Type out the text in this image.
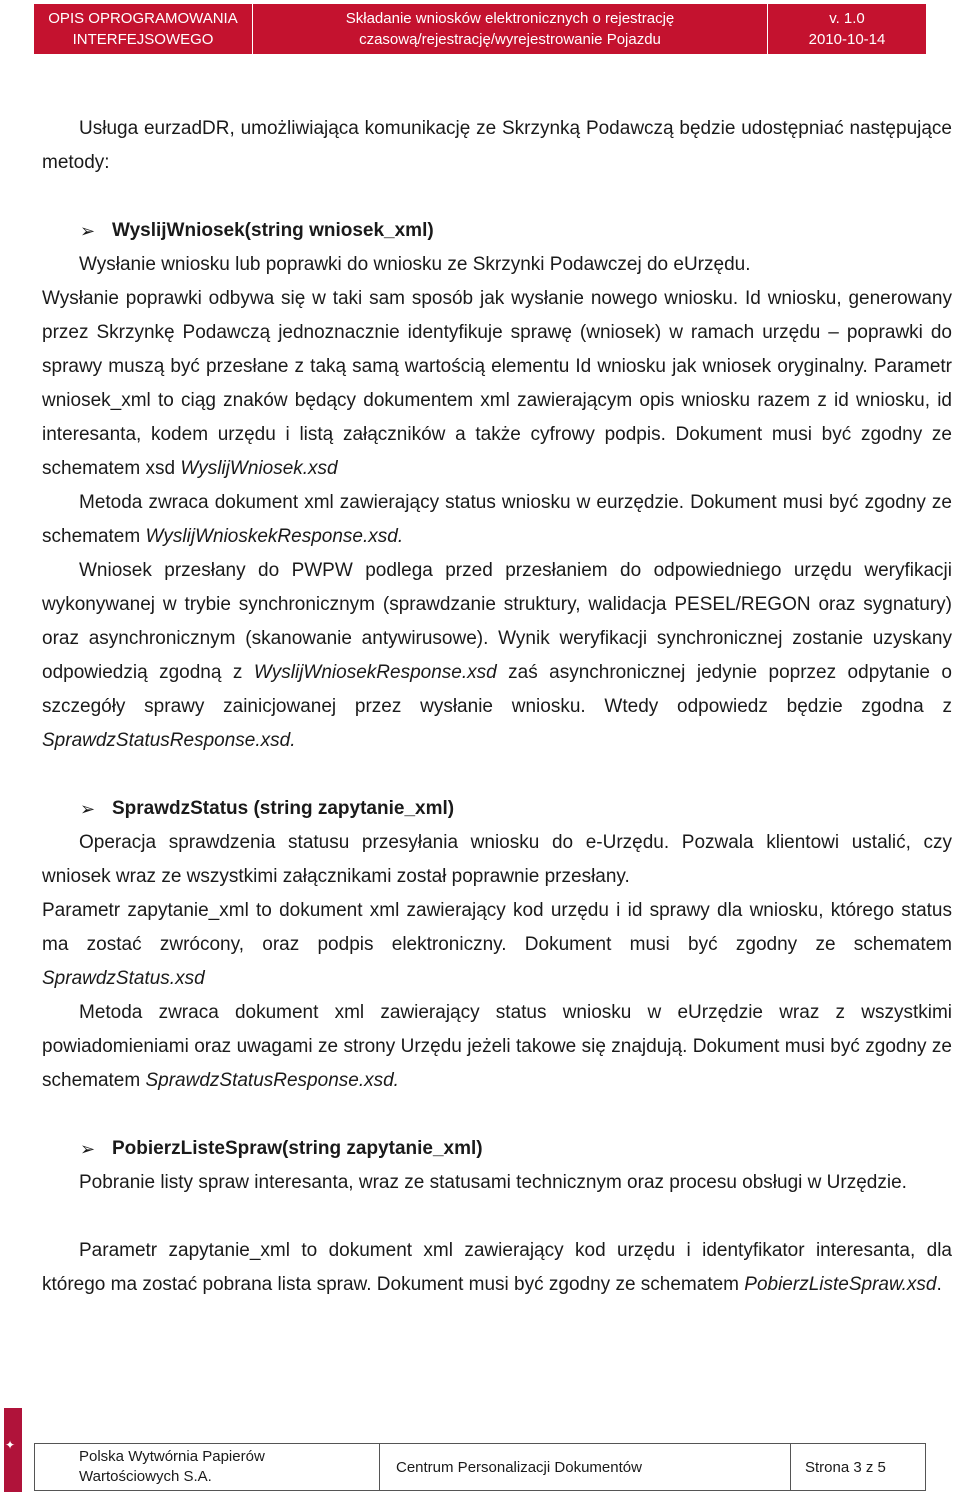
OPIS OPROGRAMOWANIA
INTERFEJSOWEGO
Składanie wniosków elektronicznych o rejestrację
czasową/rejestrację/wyrejestrowanie Pojazdu
v. 1.0
2010-10-14

Usługa eurzadDR, umożliwiająca komunikację ze Skrzynką Podawczą będzie udostępniać następujące metody:

➢ WyslijWniosek(string wniosek_xml)

Wysłanie wniosku lub poprawki do wniosku ze Skrzynki Podawczej do eUrzędu.

Wysłanie poprawki odbywa się w taki sam sposób jak wysłanie nowego wniosku. Id wniosku, generowany przez Skrzynkę Podawczą jednoznacznie identyfikuje sprawę (wniosek) w ramach urzędu – poprawki do sprawy muszą być przesłane z taką samą wartością elementu Id wniosku jak wniosek oryginalny. Parametr wniosek_xml to ciąg znaków będący dokumentem xml zawierającym opis wniosku razem z id wniosku, id interesanta, kodem urzędu i listą załączników a także cyfrowy podpis. Dokument musi być zgodny ze schematem xsd WyslijWniosek.xsd

Metoda zwraca dokument xml zawierający status wniosku w eurzędzie. Dokument musi być zgodny ze schematem WyslijWnioskekResponse.xsd.

Wniosek przesłany do PWPW podlega przed przesłaniem do odpowiedniego urzędu weryfikacji wykonywanej w trybie synchronicznym (sprawdzanie struktury, walidacja PESEL/REGON oraz sygnatury) oraz asynchronicznym (skanowanie antywirusowe). Wynik weryfikacji synchronicznej zostanie uzyskany odpowiedzią zgodną z WyslijWniosekResponse.xsd zaś asynchronicznej jedynie poprzez odpytanie o szczegóły sprawy zainicjowanej przez wysłanie wniosku. Wtedy odpowiedz będzie zgodna z SprawdzStatusResponse.xsd.

➢ SprawdzStatus (string zapytanie_xml)

Operacja sprawdzenia statusu przesyłania wniosku do e-Urzędu. Pozwala klientowi ustalić, czy wniosek wraz ze wszystkimi załącznikami został poprawnie przesłany.

Parametr zapytanie_xml to dokument xml zawierający kod urzędu i id sprawy dla wniosku, którego status ma zostać zwrócony, oraz podpis elektroniczny. Dokument musi być zgodny ze schematem SprawdzStatus.xsd

Metoda zwraca dokument xml zawierający status wniosku w eUrzędzie wraz z wszystkimi powiadomieniami oraz uwagami ze strony Urzędu jeżeli takowe się znajdują. Dokument musi być zgodny ze schematem SprawdzStatusResponse.xsd.

➢ PobierzListeSpraw(string zapytanie_xml)

Pobranie listy spraw interesanta, wraz ze statusami technicznym oraz procesu obsługi w Urzędzie.

Parametr zapytanie_xml to dokument xml zawierający kod urzędu i identyfikator interesanta, dla którego ma zostać pobrana lista spraw. Dokument musi być zgodny ze schematem PobierzListeSpraw.xsd.

✦
Polska Wytwórnia Papierów
Wartościowych S.A.
Centrum Personalizacji Dokumentów	Strona 3 z 5
